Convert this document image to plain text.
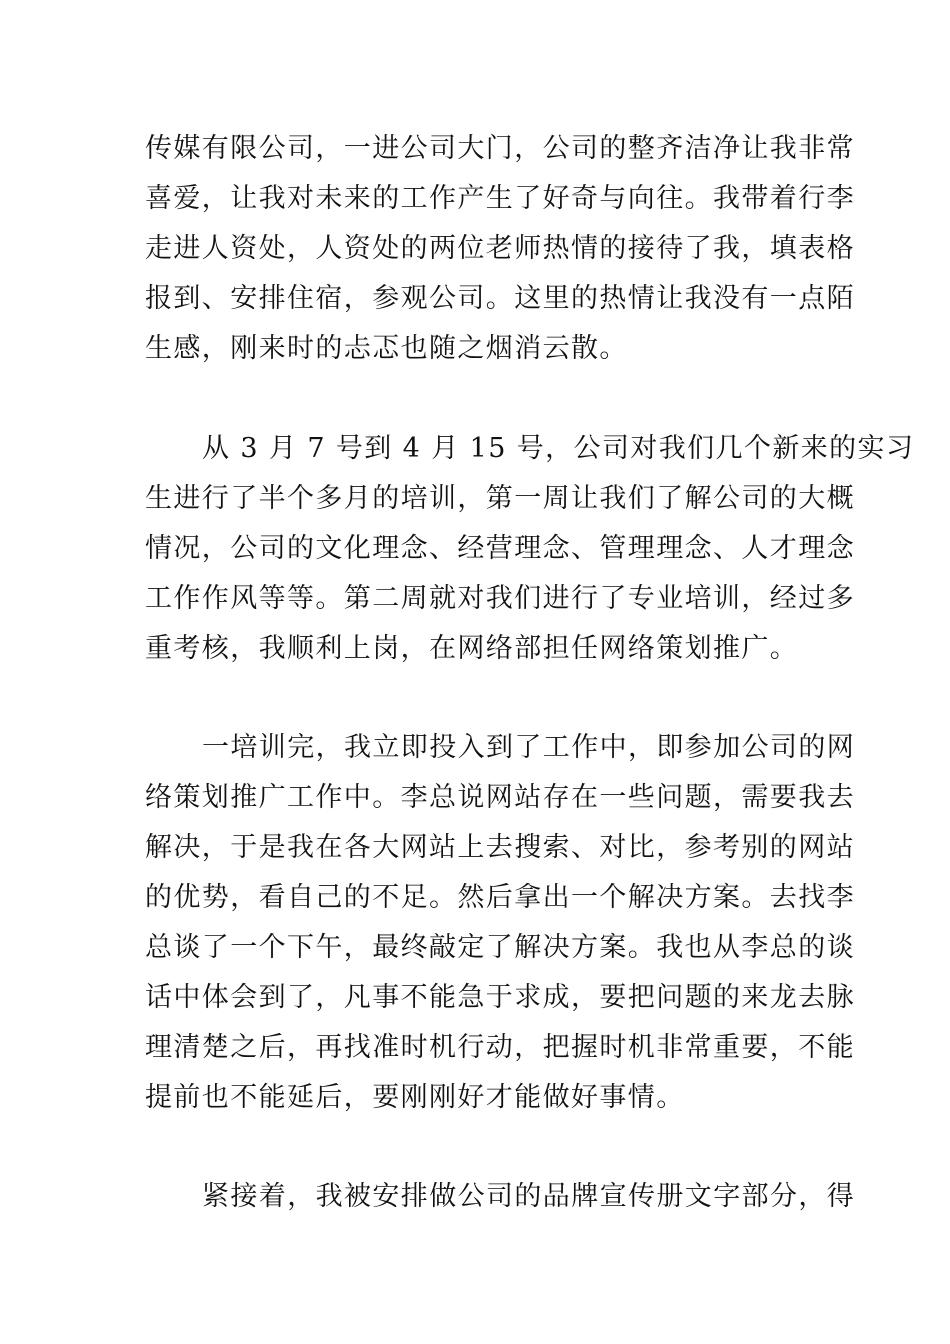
传媒有限公司，一进公司大门，公司的整齐洁净让我非常
喜爱，让我对未来的工作产生了好奇与向往。我带着行李
走进人资处，人资处的两位老师热情的接待了我，填表格
报到、安排住宿，参观公司。这里的热情让我没有一点陌
生感，刚来时的忐忑也随之烟消云散。
从 3 月 7 号到 4 月 15 号，公司对我们几个新来的实习
生进行了半个多月的培训，第一周让我们了解公司的大概
情况，公司的文化理念、经营理念、管理理念、人才理念
工作作风等等。第二周就对我们进行了专业培训，经过多
重考核，我顺利上岗，在网络部担任网络策划推广。
一培训完，我立即投入到了工作中，即参加公司的网
络策划推广工作中。李总说网站存在一些问题，需要我去
解决，于是我在各大网站上去搜索、对比，参考别的网站
的优势，看自己的不足。然后拿出一个解决方案。去找李
总谈了一个下午，最终敲定了解决方案。我也从李总的谈
话中体会到了，凡事不能急于求成，要把问题的来龙去脉
理清楚之后，再找准时机行动，把握时机非常重要，不能
提前也不能延后，要刚刚好才能做好事情。
紧接着，我被安排做公司的品牌宣传册文字部分，得
